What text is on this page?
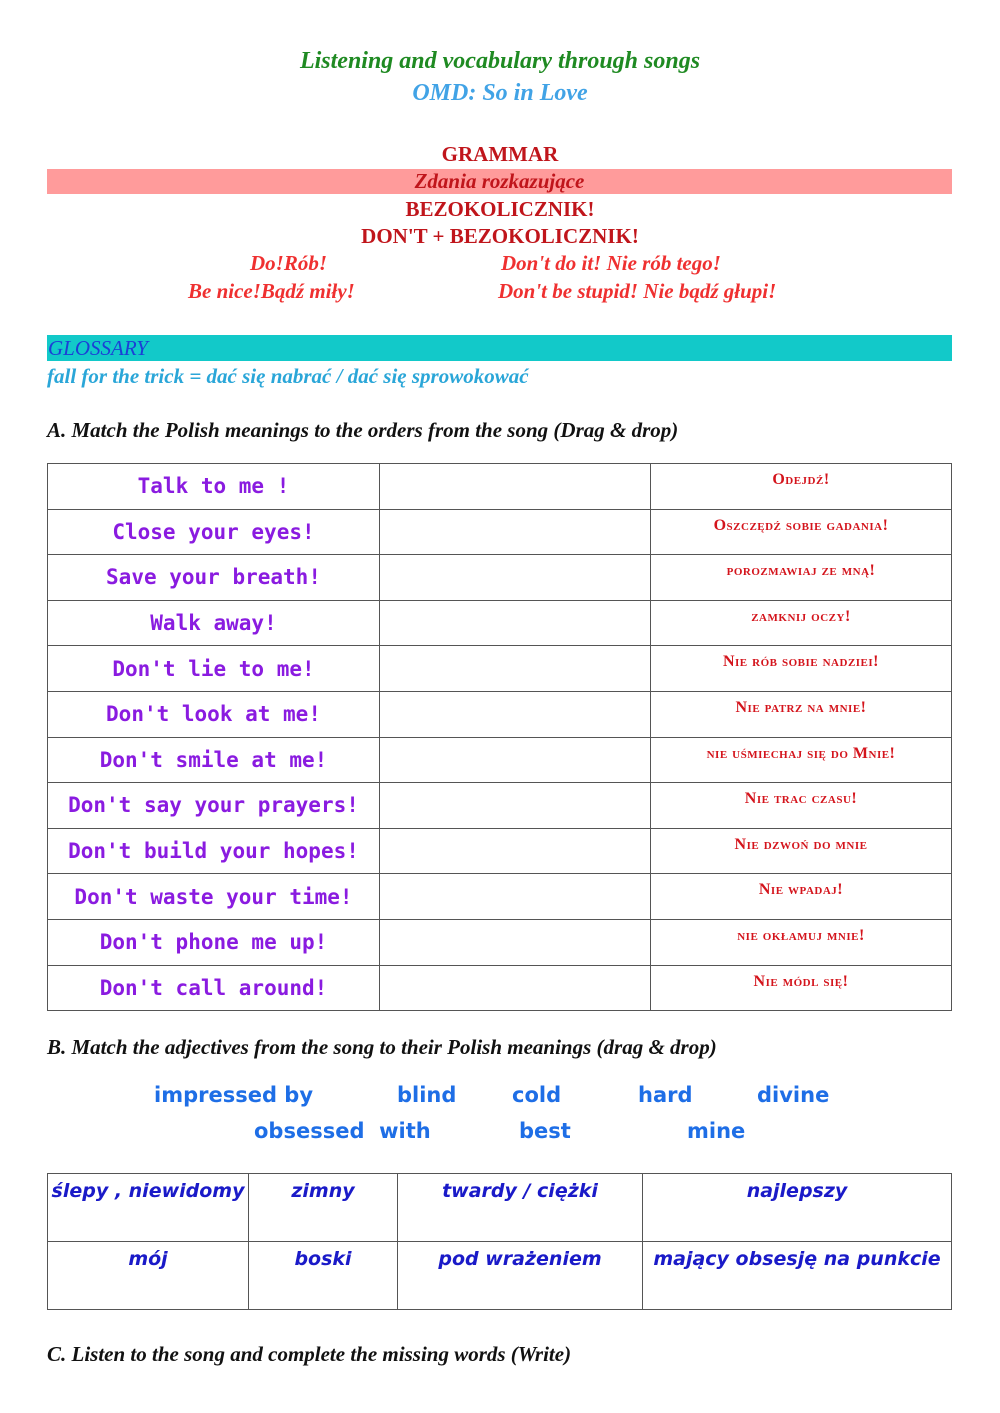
Listening and vocabulary through songs
OMD: So in Love
GRAMMAR
Zdania rozkazujące
BEZOKOLICZNIK!
DON'T + BEZOKOLICZNIK!
Do!Rób!	Don't do it! Nie rób tego!
Be nice!Bądź miły!	Don't be stupid! Nie bądź głupi!
GLOSSARY
fall for the trick = dać się nabrać / dać się sprowokować
A. Match the Polish meanings to the orders from the song (Drag & drop)
Talk to me !		Odejdź!
Close your eyes!		Oszczędź sobie gadania!
Save your breath!		porozmawiaj ze mną!
Walk away!		zamknij oczy!
Don't lie to me!		Nie rób sobie nadziei!
Don't look at me!		Nie patrz na mnie!
Don't smile at me!		nie uśmiechaj się do Mnie!
Don't say your prayers!		Nie trac czasu!
Don't build your hopes!		Nie dzwoń do mnie
Don't waste your time!		Nie wpadaj!
Don't phone me up!		nie okłamuj mnie!
Don't call around!		Nie módl się!
B. Match the adjectives from the song to their Polish meanings (drag & drop)
impressed by	blind	cold	hard	divine
obsessed  with	best	mine
ślepy , niewidomy	zimny	twardy / ciężki	najlepszy
mój	boski	pod wrażeniem	mający obsesję na punkcie
C. Listen to the song and complete the missing words (Write)
